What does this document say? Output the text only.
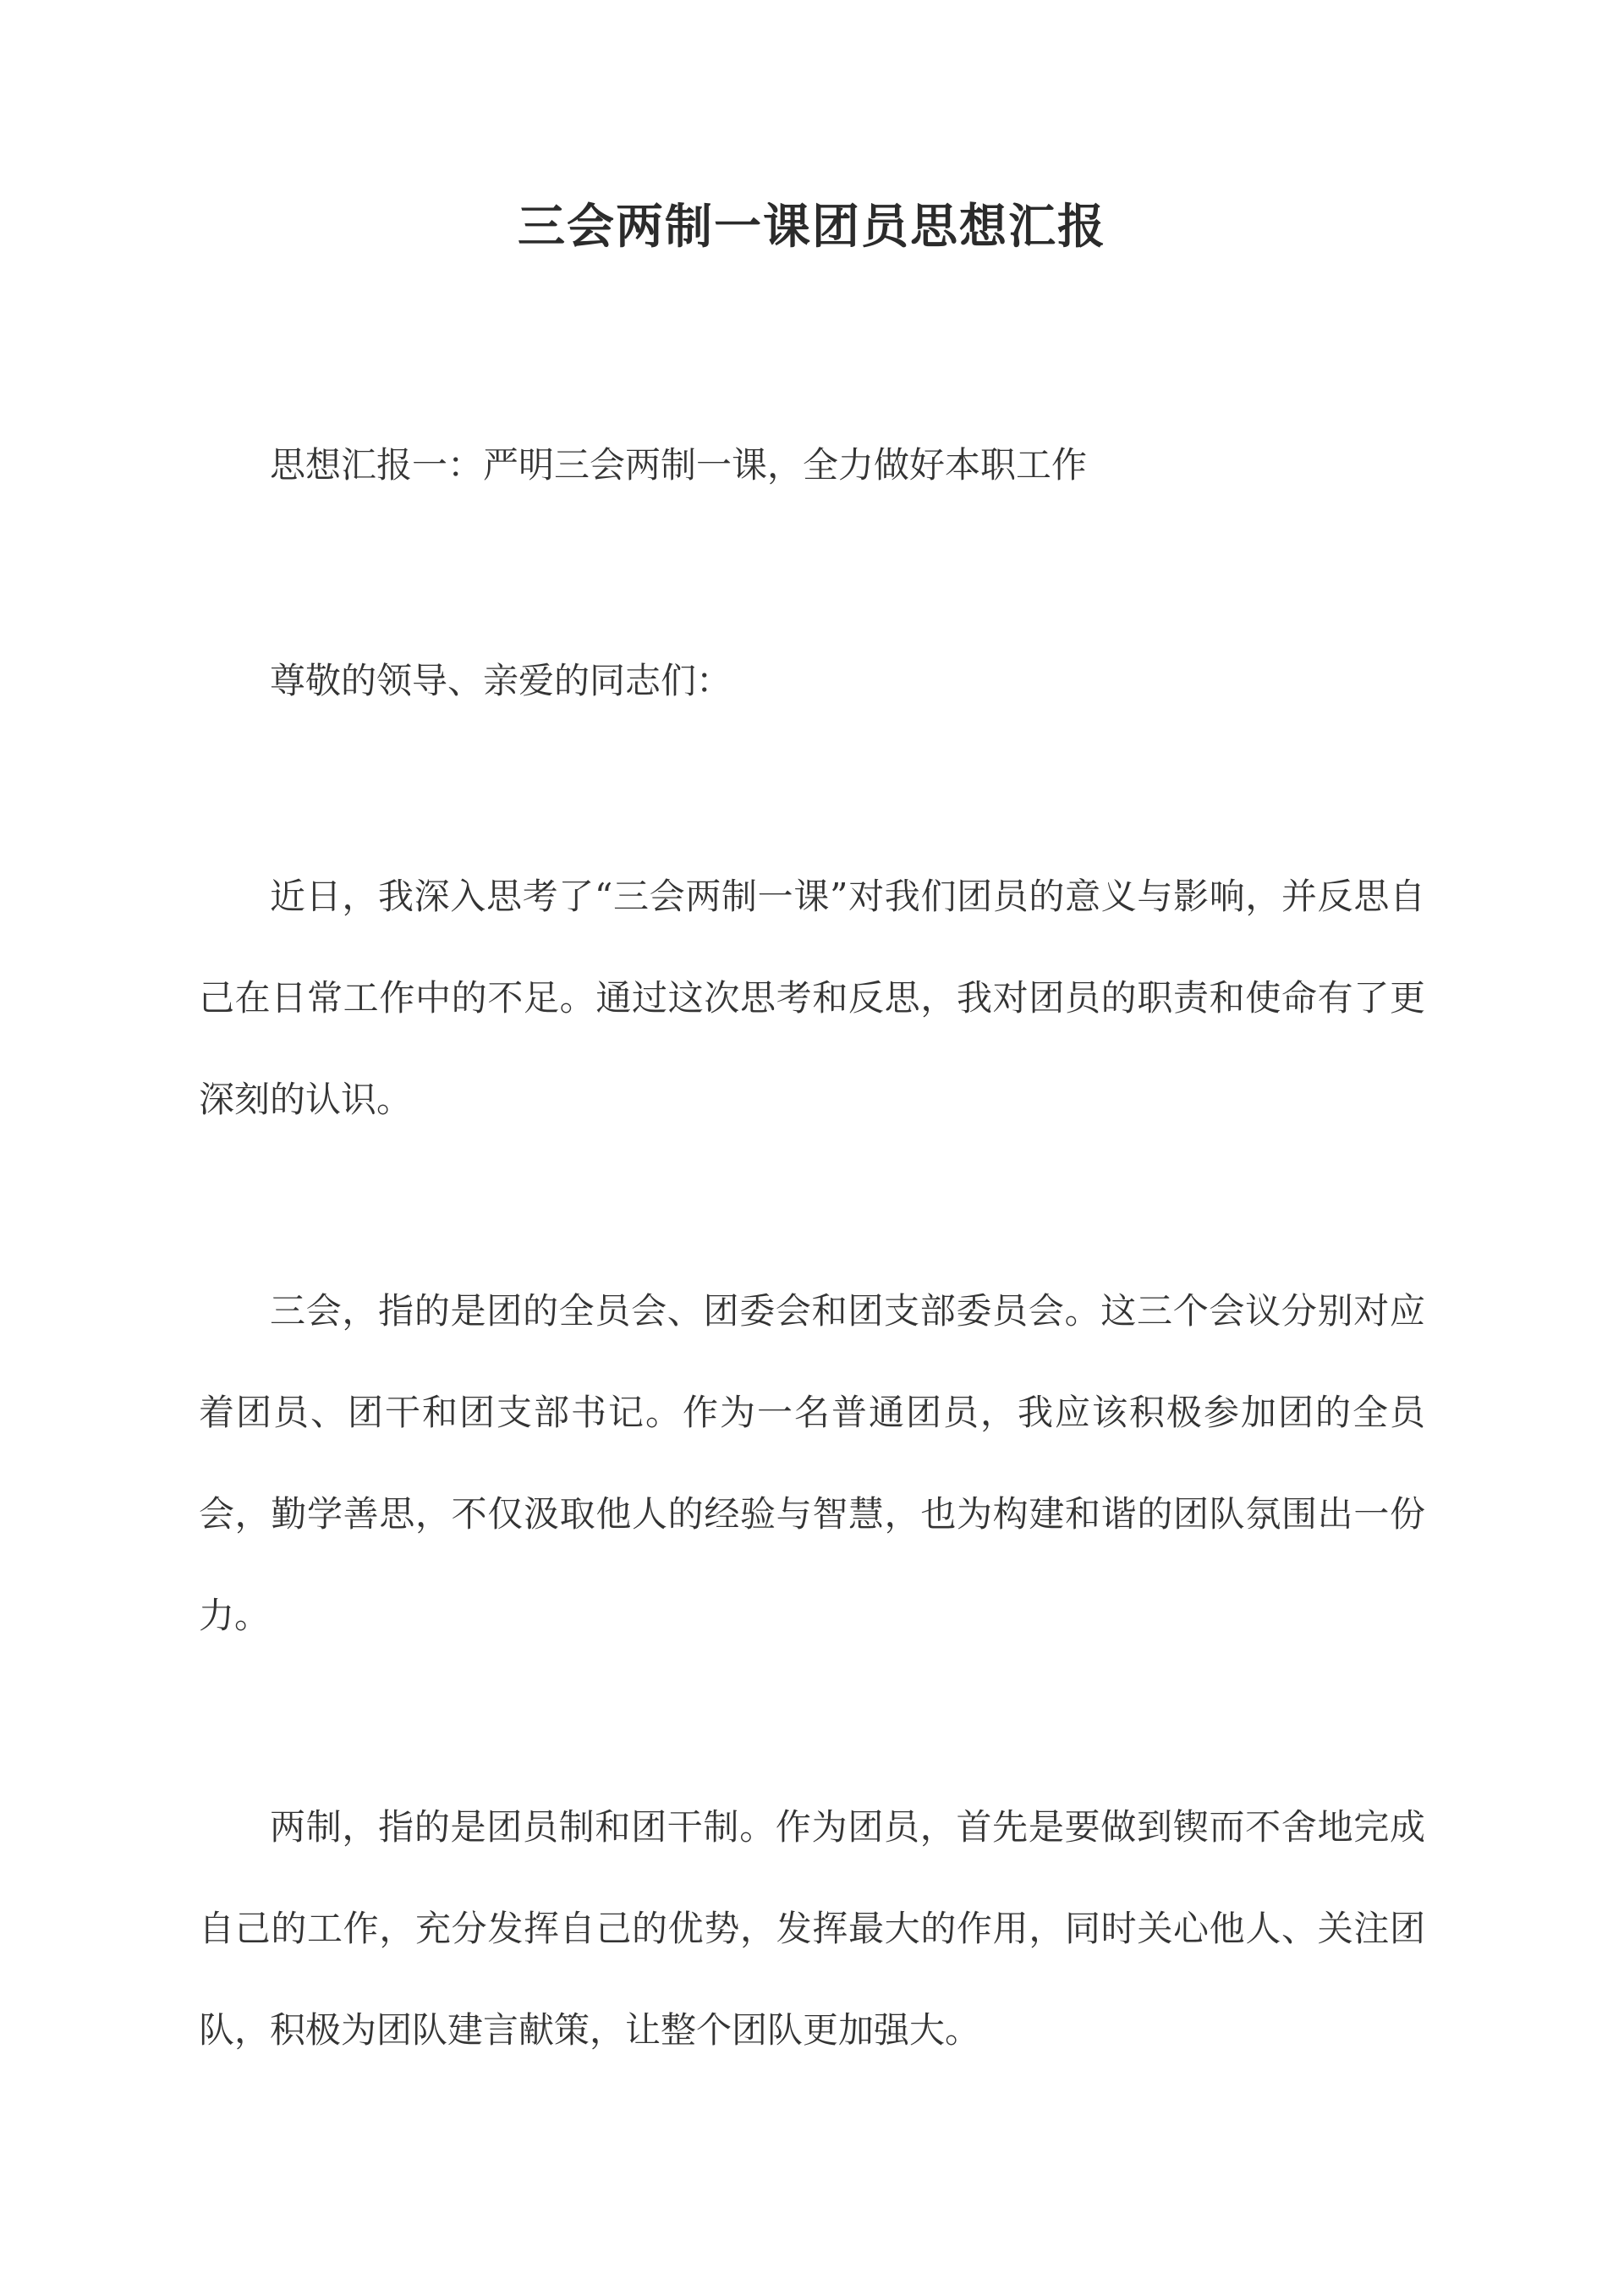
三会两制一课团员思想汇报
思想汇报一：严明三会两制一课，全力做好本职工作
尊敬的领导、亲爱的同志们：
近日，我深入思考了“三会两制一课”对我们团员的意义与影响，并反思自己在日常工作中的不足。通过这次思考和反思，我对团员的职责和使命有了更深刻的认识。
三会，指的是团的全员会、团委会和团支部委员会。这三个会议分别对应着团员、团干和团支部书记。作为一名普通团员，我应该积极参加团的全员会，勤学善思，不仅汲取他人的经验与智慧，也为构建和谐的团队氛围出一份力。
两制，指的是团员制和团干制。作为团员，首先是要做到锲而不舍地完成自己的工作，充分发挥自己的优势，发挥最大的作用，同时关心他人、关注团队，积极为团队建言献策，让整个团队更加强大。
